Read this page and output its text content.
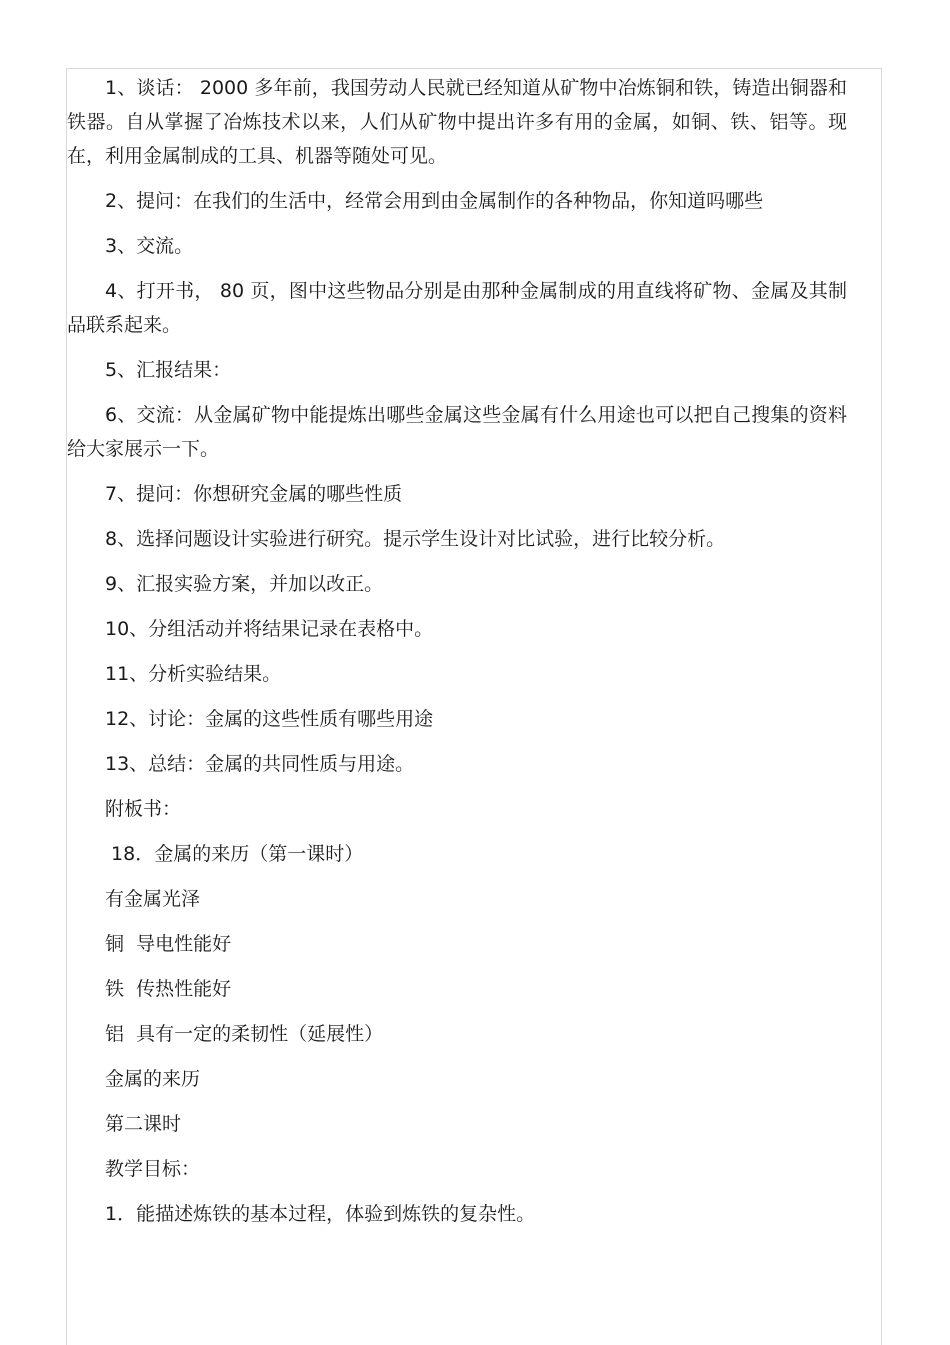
1、谈话： 2000 多年前，我国劳动人民就已经知道从矿物中冶炼铜和铁，铸造出铜器和铁器。自从掌握了冶炼技术以来，人们从矿物中提出许多有用的金属，如铜、铁、铝等。现在，利用金属制成的工具、机器等随处可见。

2、提问：在我们的生活中，经常会用到由金属制作的各种物品，你知道吗哪些

3、交流。

4、打开书， 80 页，图中这些物品分别是由那种金属制成的用直线将矿物、金属及其制品联系起来。

5、汇报结果：

6、交流：从金属矿物中能提炼出哪些金属这些金属有什么用途也可以把自己搜集的资料给大家展示一下。

7、提问：你想研究金属的哪些性质

8、选择问题设计实验进行研究。提示学生设计对比试验，进行比较分析。

9、汇报实验方案，并加以改正。

10、分组活动并将结果记录在表格中。

11、分析实验结果。

12、讨论：金属的这些性质有哪些用途

13、总结：金属的共同性质与用途。

附板书：

18．金属的来历（第一课时）

有金属光泽

铜  导电性能好

铁  传热性能好

铝  具有一定的柔韧性（延展性）

金属的来历

第二课时

教学目标：

1．能描述炼铁的基本过程，体验到炼铁的复杂性。
